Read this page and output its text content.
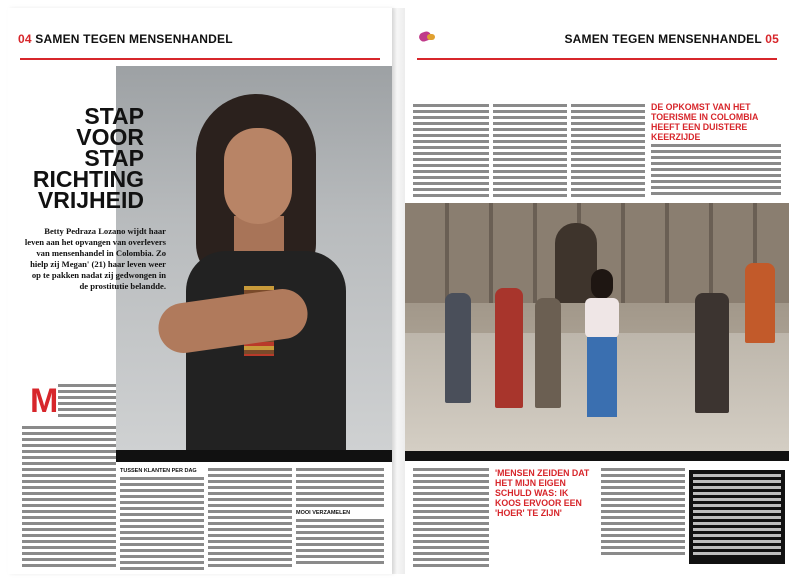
04 SAMEN TEGEN MENSENHANDEL
STAP VOOR STAP RICHTING VRIJHEID
Betty Pedraza Lozano wijdt haar leven aan het opvangen van overlevers van mensenhandel in Colombia. Zo hielp zij Megan' (21) haar leven weer op te pakken nadat zij gedwongen in de prostitutie belandde.
M
TUSSEN KLANTEN PER DAG
MOOI VERZAMELEN
SAMEN TEGEN MENSENHANDEL 05
DE OPKOMST VAN HET TOERISME IN COLOMBIA HEEFT EEN DUISTERE KEERZIJDE
'MENSEN ZEIDEN DAT HET MIJN EIGEN SCHULD WAS: IK KOOS ERVOOR EEN 'HOER' TE ZIJN'
